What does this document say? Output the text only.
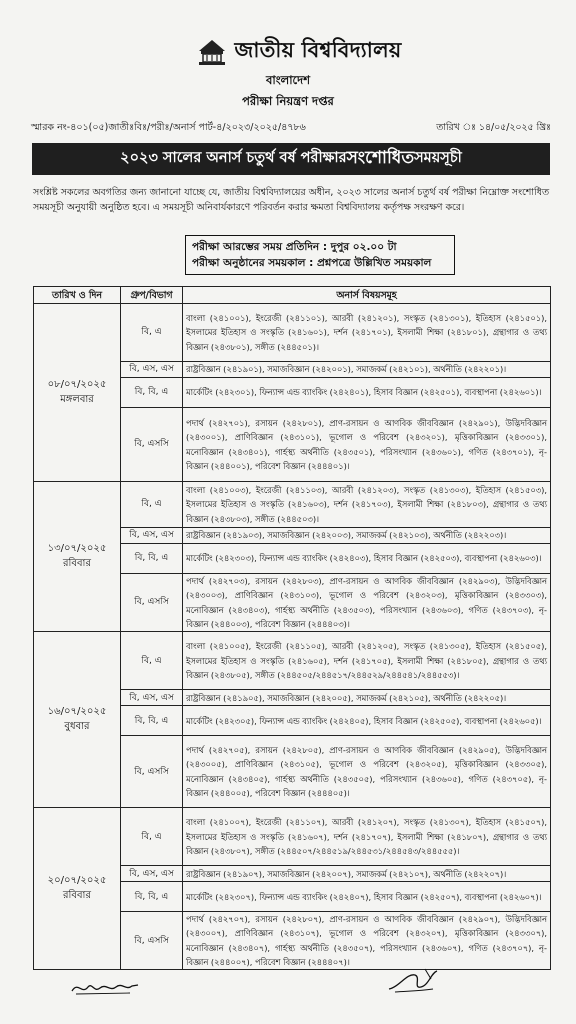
জাতীয় বিশ্ববিদ্যালয়
বাংলাদেশ
পরীক্ষা নিয়ন্ত্রণ দপ্তর
স্মারক নং-৪০১(০৫)জাতীঃবিঃ/পরীঃ/অনার্স পার্ট-৪/২০২৩/২০২৫/৪৭৮৬	তারিখ ঃ ১৪/০৫/২০২৫ খ্রিঃ
২০২৩ সালের অনার্স চতুর্থ বর্ষ পরীক্ষার সংশোধিত সময়সূচী
সংশ্লিষ্ট সকলের অবগতির জন্য জানানো যাচ্ছে যে, জাতীয় বিশ্ববিদ্যালয়ের অধীন, ২০২৩ সালের অনার্স চতুর্থ বর্ষ পরীক্ষা নিম্নোক্ত সংশোধিত সময়সূচী অনুযায়ী অনুষ্ঠিত হবে। এ সময়সূচী অনিবার্যকারণে পরিবর্তন করার ক্ষমতা বিশ্ববিদ্যালয় কর্তৃপক্ষ সংরক্ষণ করে।
পরীক্ষা আরম্ভের সময় প্রতিদিন : দুপুর ০২.০০ টা
পরীক্ষা অনুষ্ঠানের সময়কাল : প্রশ্নপত্রে উল্লিখিত সময়কাল
তারিখ ও দিন	গ্রুপ/বিভাগ	অনার্স বিষয়সমূহ

০৮/০৭/২০২৫
মঙ্গলবার	বি, এ	বাংলা (২৪১০০১), ইংরেজী (২৪১১০১), আরবী (২৪১২০১), সংস্কৃত (২৪১৩০১), ইতিহাস (২৪১৫০১), ইসলামের ইতিহাস ও সংস্কৃতি (২৪১৬০১), দর্শন (২৪১৭০১), ইসলামী শিক্ষা (২৪১৮০১), গ্রন্থাগার ও তথ্য বিজ্ঞান (২৪৩৮০১), সঙ্গীত (২৪৪৫০১)।
	বি, এস, এস	রাষ্ট্রবিজ্ঞান (২৪১৯০১), সমাজবিজ্ঞান (২৪২০০১), সমাজকর্ম (২৪২১০১), অর্থনীতি (২৪২২০১)।
	বি, বি, এ	মার্কেটিং (২৪২৩০১), ফিন্যান্স এন্ড ব্যাংকিং (২৪২৪০১), হিসাব বিজ্ঞান (২৪২৫০১), ব্যবস্থাপনা (২৪২৬০১)।
	বি, এসসি	পদার্থ (২৪২৭০১), রসায়ন (২৪২৮০১), প্রাণ-রসায়ন ও আণবিক জীববিজ্ঞান (২৪২৯০১), উদ্ভিদবিজ্ঞান (২৪৩০০১), প্রাণিবিজ্ঞান (২৪৩১০১), ভূগোল ও পরিবেশ (২৪৩২০১), মৃত্তিকাবিজ্ঞান (২৪৩৩০১), মনোবিজ্ঞান (২৪৩৪০১), গার্হস্থ্য অর্থনীতি (২৪৩৫০১), পরিসংখ্যান (২৪৩৬০১), গণিত (২৪৩৭০১), নৃ-বিজ্ঞান (২৪৪০০১), পরিবেশ বিজ্ঞান (২৪৪৪০১)।

১৩/০৭/২০২৫
রবিবার	বি, এ	বাংলা (২৪১০০৩), ইংরেজী (২৪১১০৩), আরবী (২৪১২০৩), সংস্কৃত (২৪১৩০৩), ইতিহাস (২৪১৫০৩), ইসলামের ইতিহাস ও সংস্কৃতি (২৪১৬০৩), দর্শন (২৪১৭০৩), ইসলামী শিক্ষা (২৪১৮০৩), গ্রন্থাগার ও তথ্য বিজ্ঞান (২৪৩৮০৩), সঙ্গীত (২৪৪৫০৩)।
	বি, এস, এস	রাষ্ট্রবিজ্ঞান (২৪১৯০৩), সমাজবিজ্ঞান (২৪২০০৩), সমাজকর্ম (২৪২১০৩), অর্থনীতি (২৪২২০৩)।
	বি, বি, এ	মার্কেটিং (২৪২৩০৩), ফিন্যান্স এন্ড ব্যাংকিং (২৪২৪০৩), হিসাব বিজ্ঞান (২৪২৫০৩), ব্যবস্থাপনা (২৪২৬০৩)।
	বি, এসসি	পদার্থ (২৪২৭০৩), রসায়ন (২৪২৮০৩), প্রাণ-রসায়ন ও আণবিক জীববিজ্ঞান (২৪২৯০৩), উদ্ভিদবিজ্ঞান (২৪৩০০৩), প্রাণিবিজ্ঞান (২৪৩১০৩), ভূগোল ও পরিবেশ (২৪৩২০৩), মৃত্তিকাবিজ্ঞান (২৪৩৩০৩), মনোবিজ্ঞান (২৪৩৪০৩), গার্হস্থ্য অর্থনীতি (২৪৩৫০৩), পরিসংখ্যান (২৪৩৬০৩), গণিত (২৪৩৭০৩), নৃ-বিজ্ঞান (২৪৪০০৩), পরিবেশ বিজ্ঞান (২৪৪৪০৩)।

১৬/০৭/২০২৫
বুধবার	বি, এ	বাংলা (২৪১০০৫), ইংরেজী (২৪১১০৫), আরবী (২৪১২০৫), সংস্কৃত (২৪১৩০৫), ইতিহাস (২৪১৫০৫), ইসলামের ইতিহাস ও সংস্কৃতি (২৪১৬০৫), দর্শন (২৪১৭০৫), ইসলামী শিক্ষা (২৪১৮০৫), গ্রন্থাগার ও তথ্য বিজ্ঞান (২৪৩৮০৫), সঙ্গীত (২৪৪৫০৫/২৪৪৫১৭/২৪৪৫২৯/২৪৪৫৪১/২৪৪৫৫৩)।
	বি, এস, এস	রাষ্ট্রবিজ্ঞান (২৪১৯০৫), সমাজবিজ্ঞান (২৪২০০৫), সমাজকর্ম (২৪২১০৫), অর্থনীতি (২৪২২০৫)।
	বি, বি, এ	মার্কেটিং (২৪২৩০৫), ফিন্যান্স এন্ড ব্যাংকিং (২৪২৪০৫), হিসাব বিজ্ঞান (২৪২৫০৫), ব্যবস্থাপনা (২৪২৬০৫)।
	বি, এসসি	পদার্থ (২৪২৭০৫), রসায়ন (২৪২৮০৫), প্রাণ-রসায়ন ও আণবিক জীববিজ্ঞান (২৪২৯০৫), উদ্ভিদবিজ্ঞান (২৪৩০০৫), প্রাণিবিজ্ঞান (২৪৩১০৫), ভূগোল ও পরিবেশ (২৪৩২০৫), মৃত্তিকাবিজ্ঞান (২৪৩৩০৫), মনোবিজ্ঞান (২৪৩৪০৫), গার্হস্থ্য অর্থনীতি (২৪৩৫০৫), পরিসংখ্যান (২৪৩৬০৫), গণিত (২৪৩৭০৫), নৃ-বিজ্ঞান (২৪৪০০৫), পরিবেশ বিজ্ঞান (২৪৪৪০৫)।

২০/০৭/২০২৫
রবিবার	বি, এ	বাংলা (২৪১০০৭), ইংরেজী (২৪১১০৭), আরবী (২৪১২০৭), সংস্কৃত (২৪১৩০৭), ইতিহাস (২৪১৫০৭), ইসলামের ইতিহাস ও সংস্কৃতি (২৪১৬০৭), দর্শন (২৪১৭০৭), ইসলামী শিক্ষা (২৪১৮০৭), গ্রন্থাগার ও তথ্য বিজ্ঞান (২৪৩৮০৭), সঙ্গীত (২৪৪৫০৭/২৪৪৫১৯/২৪৪৫৩১/২৪৪৫৪৩/২৪৪৫৫৫)।
	বি, এস, এস	রাষ্ট্রবিজ্ঞান (২৪১৯০৭), সমাজবিজ্ঞান (২৪২০০৭), সমাজকর্ম (২৪২১০৭), অর্থনীতি (২৪২২০৭)।
	বি, বি, এ	মার্কেটিং (২৪২৩০৭), ফিন্যান্স এন্ড ব্যাংকিং (২৪২৪০৭), হিসাব বিজ্ঞান (২৪২৫০৭), ব্যবস্থাপনা (২৪২৬০৭)।
	বি, এসসি	পদার্থ (২৪২৭০৭), রসায়ন (২৪২৮০৭), প্রাণ-রসায়ন ও আণবিক জীববিজ্ঞান (২৪২৯০৭), উদ্ভিদবিজ্ঞান (২৪৩০০৭), প্রাণিবিজ্ঞান (২৪৩১০৭), ভূগোল ও পরিবেশ (২৪৩২০৭), মৃত্তিকাবিজ্ঞান (২৪৩৩০৭), মনোবিজ্ঞান (২৪৩৪০৭), গার্হস্থ্য অর্থনীতি (২৪৩৫০৭), পরিসংখ্যান (২৪৩৬০৭), গণিত (২৪৩৭০৭), নৃ-বিজ্ঞান (২৪৪০০৭), পরিবেশ বিজ্ঞান (২৪৪৪০৭)।
